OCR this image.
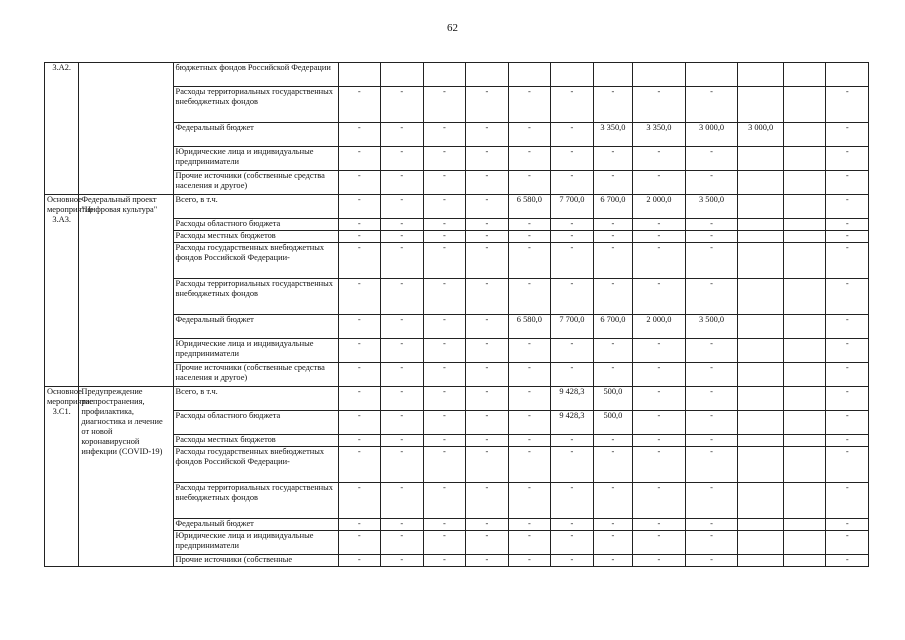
62
3.А2.		бюджетных фондов Российской Федерации												
		Расходы территориальных государственных внебюджетных фондов	-	-	-	-	-	-	-	-	-			-
		Федеральный бюджет	-	-	-	-	-	-	3 350,0	3 350,0	3 000,0	3 000,0		-
		Юридические лица и индивидуальные предприниматели	-	-	-	-	-	-	-	-	-			-
		Прочие источники (собственные средства населения и другое)	-	-	-	-	-	-	-	-	-			-
Основное мероприятие 3.А3.	Федеральный проект "Цифровая культура"	Всего, в т.ч.	-	-	-	-	6 580,0	7 700,0	6 700,0	2 000,0	3 500,0			-
		Расходы областного бюджета	-	-	-	-	-	-	-	-	-			-
		Расходы местных бюджетов	-	-	-	-	-	-	-	-	-			-
		Расходы государственных внебюджетных фондов Российской Федерации-	-	-	-	-	-	-	-	-	-			-
		Расходы территориальных государственных внебюджетных фондов	-	-	-	-	-	-	-	-	-			-
		Федеральный бюджет	-	-	-	-	6 580,0	7 700,0	6 700,0	2 000,0	3 500,0			-
		Юридические лица и индивидуальные предприниматели	-	-	-	-	-	-	-	-	-			-
		Прочие источники (собственные средства населения и другое)	-	-	-	-	-	-	-	-	-			-
Основное мероприятие 3.С1.	Предупреждение распространения, профилактика, диагностика и лечение от новой коронавирусной инфекции (COVID-19)	Всего, в т.ч.	-	-	-	-	-	9 428,3	500,0	-	-			-
		Расходы областного бюджета	-	-	-	-	-	9 428,3	500,0	-	-			-
		Расходы местных бюджетов	-	-	-	-	-	-	-	-	-			-
		Расходы государственных внебюджетных фондов Российской Федерации-	-	-	-	-	-	-	-	-	-			-
		Расходы территориальных государственных внебюджетных фондов	-	-	-	-	-	-	-	-	-			-
		Федеральный бюджет	-	-	-	-	-	-	-	-	-			-
		Юридические лица и индивидуальные предприниматели	-	-	-	-	-	-	-	-	-			-
		Прочие источники (собственные	-	-	-	-	-	-	-	-	-			-
